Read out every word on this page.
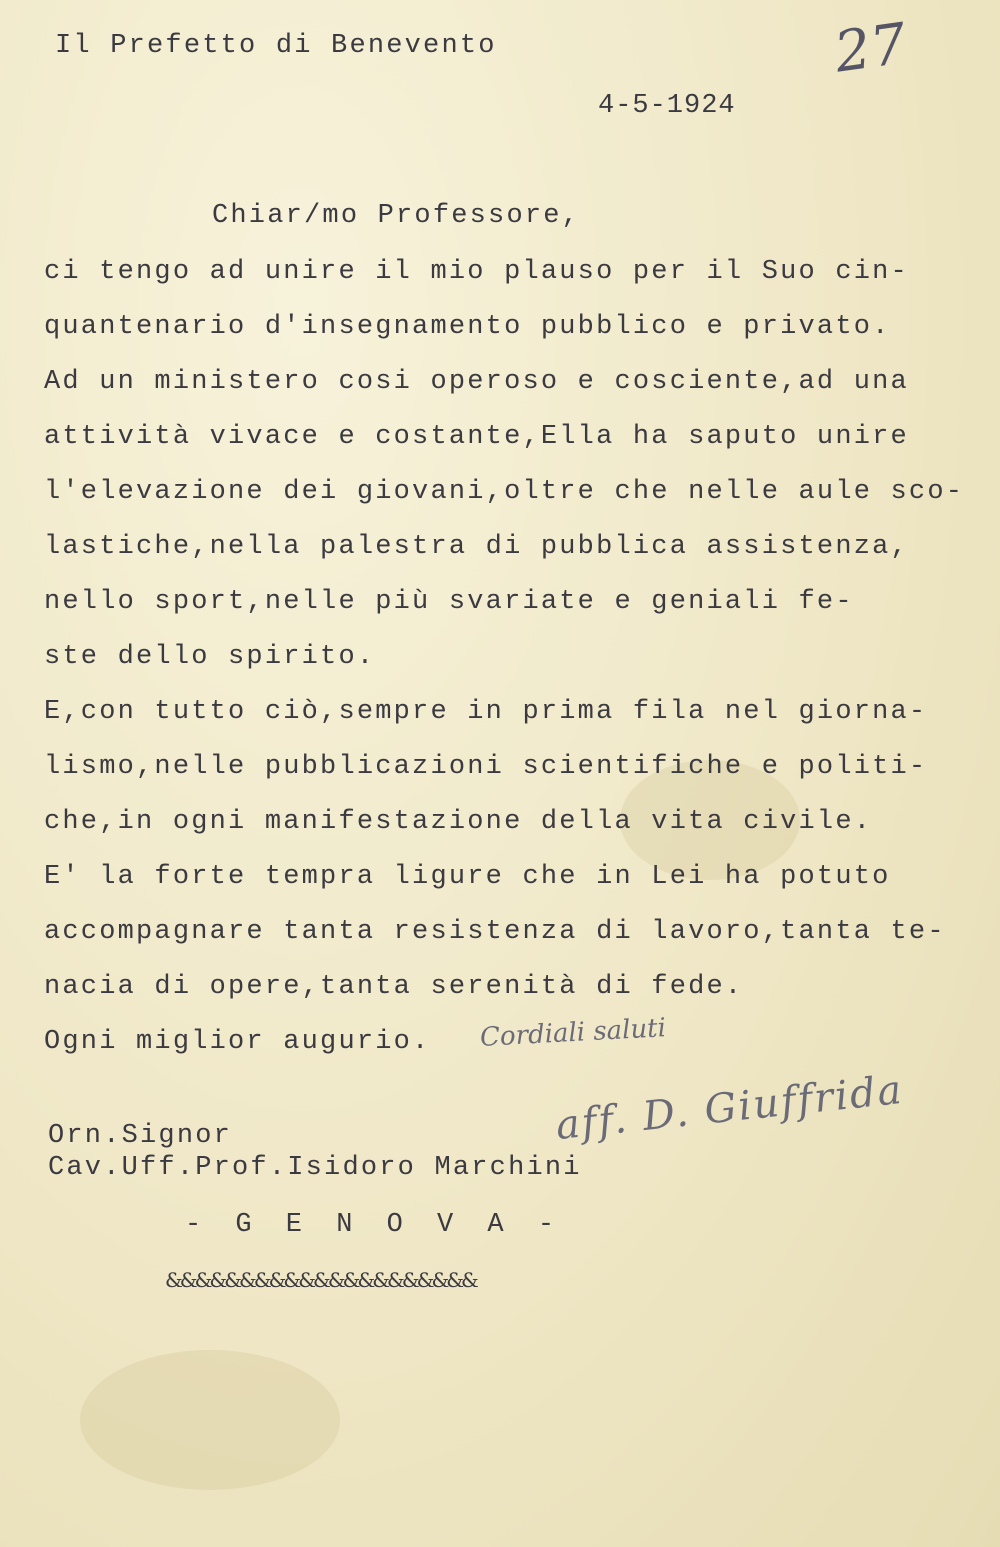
Il Prefetto di Benevento
4-5-1924
27
Chiar/mo Professore,
ci tengo ad unire il mio plauso per il Suo cin-
quantenario d'insegnamento pubblico e privato.
Ad un ministero cosi operoso e cosciente,ad una
attività vivace e costante,Ella ha saputo unire
l'elevazione dei giovani,oltre che nelle aule sco-
lastiche,nella palestra di pubblica assistenza,
nello sport,nelle più svariate e geniali fe-
ste dello spirito.
E,con tutto ciò,sempre in prima fila nel giorna-
lismo,nelle pubblicazioni scientifiche e politi-
che,in ogni manifestazione della vita civile.
E' la forte tempra ligure che in Lei ha potuto
accompagnare tanta resistenza di lavoro,tanta te-
nacia di opere,tanta serenità di fede.
Ogni miglior augurio. Cordiali saluti
aff. D. Giuffrida
Orn.Signor
Cav.Uff.Prof.Isidoro Marchini
- G E N O V A -
&&&&&&&&&&&&&&&&&&&&&
